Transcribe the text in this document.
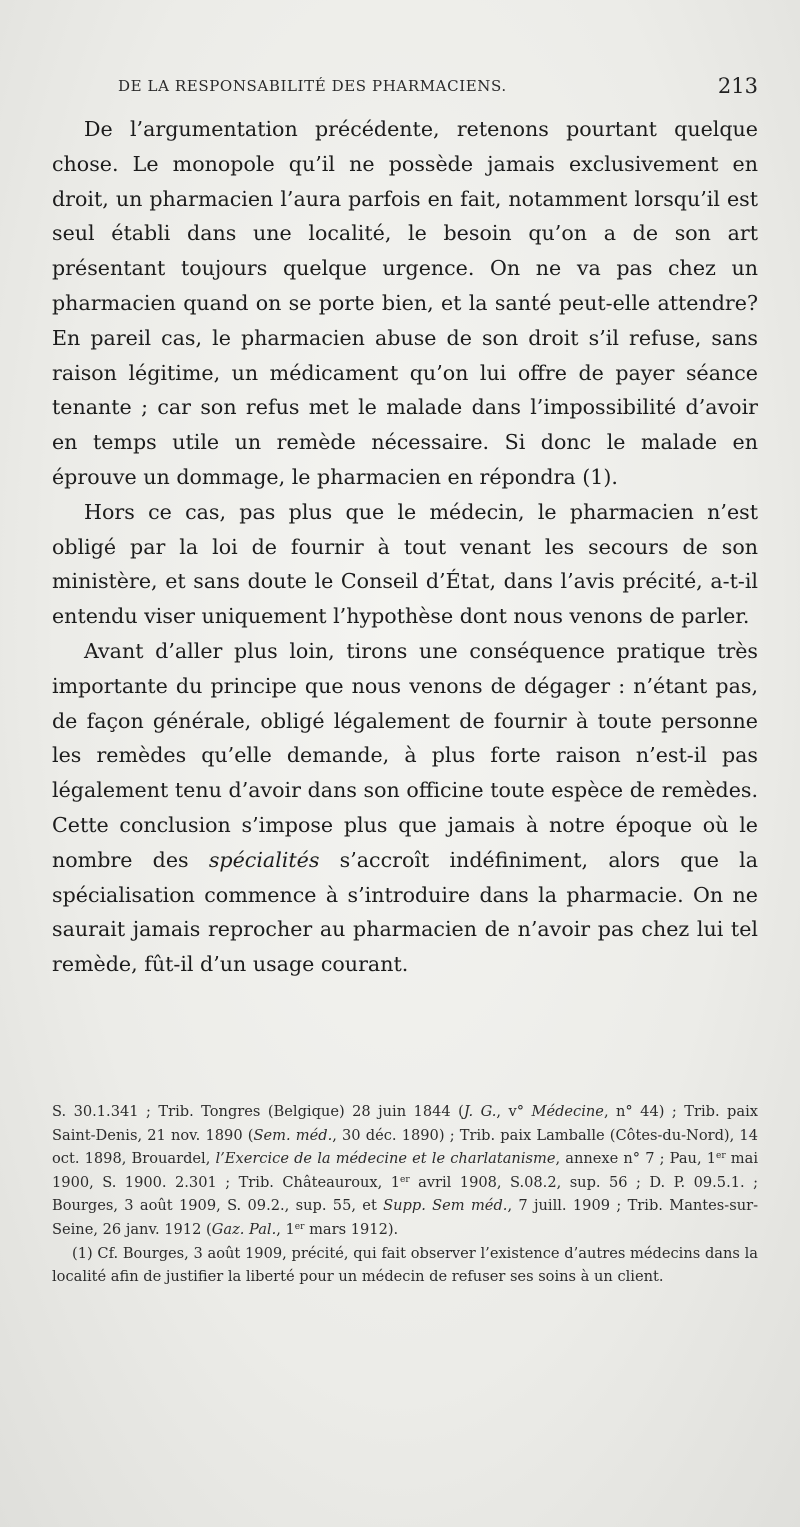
DE LA RESPONSABILITÉ DES PHARMACIENS.	213

De l’argumentation précédente, retenons pourtant quelque chose. Le monopole qu’il ne possède jamais exclusivement en droit, un pharmacien l’aura parfois en fait, notamment lorsqu’il est seul établi dans une localité, le besoin qu’on a de son art présentant toujours quelque urgence. On ne va pas chez un pharmacien quand on se porte bien, et la santé peut-elle attendre? En pareil cas, le pharmacien abuse de son droit s’il refuse, sans raison légitime, un médicament qu’on lui offre de payer séance tenante ; car son refus met le malade dans l’impossibilité d’avoir en temps utile un remède nécessaire. Si donc le malade en éprouve un dommage, le pharmacien en répondra (1).

Hors ce cas, pas plus que le médecin, le pharmacien n’est obligé par la loi de fournir à tout venant les secours de son ministère, et sans doute le Conseil d’État, dans l’avis précité, a-t-il entendu viser uniquement l’hypothèse dont nous venons de parler.

Avant d’aller plus loin, tirons une conséquence pratique très importante du principe que nous venons de dégager : n’étant pas, de façon générale, obligé légalement de fournir à toute personne les remèdes qu’elle demande, à plus forte raison n’est-il pas légalement tenu d’avoir dans son officine toute espèce de remèdes. Cette conclusion s’impose plus que jamais à notre époque où le nombre des spécialités s’accroît indéfiniment, alors que la spécialisation commence à s’introduire dans la pharmacie. On ne saurait jamais reprocher au pharmacien de n’avoir pas chez lui tel remède, fût-il d’un usage courant.

S. 30.1.341 ; Trib. Tongres (Belgique) 28 juin 1844 (J. G., v° Médecine, n° 44) ; Trib. paix Saint-Denis, 21 nov. 1890 (Sem. méd., 30 déc. 1890) ; Trib. paix Lamballe (Côtes-du-Nord), 14 oct. 1898, Brouardel, l’Exercice de la médecine et le charlatanisme, annexe n° 7 ; Pau, 1er mai 1900, S. 1900. 2.301 ; Trib. Châteauroux, 1er avril 1908, S.08.2, sup. 56 ; D. P. 09.5.1. ; Bourges, 3 août 1909, S. 09.2., sup. 55, et Supp. Sem méd., 7 juill. 1909 ; Trib. Mantes-sur-Seine, 26 janv. 1912 (Gaz. Pal., 1er mars 1912).

(1) Cf. Bourges, 3 août 1909, précité, qui fait observer l’existence d’autres médecins dans la localité afin de justifier la liberté pour un médecin de refuser ses soins à un client.
